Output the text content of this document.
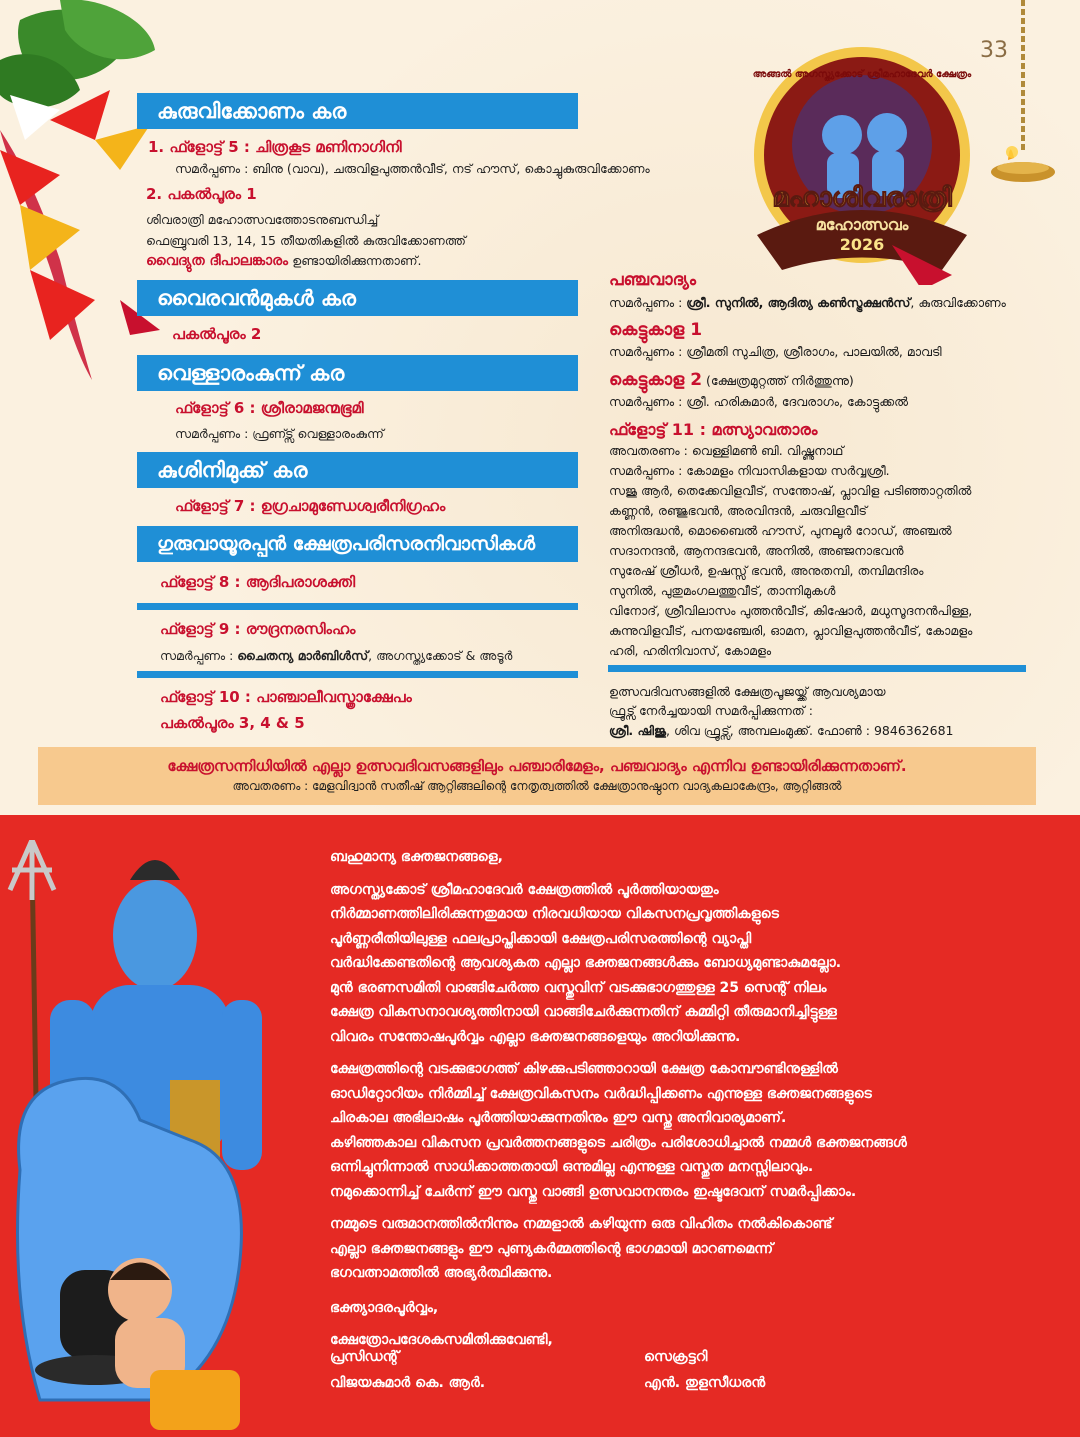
33
അങ്ങൽ അഗസ്ത്യക്കോട് ശ്രീമഹാദേവർ ക്ഷേത്രം
മഹാശിവരാത്രി
മഹോത്സവം
2026
കുരുവിക്കോണം കര
1. ഫ്ളോട്ട് 5 : ചിത്രകൂട മണിനാഗിനി
സമർപ്പണം : ബിനു (വാവ), ചരുവിളപുത്തൻവീട്, നട് ഹൗസ്, കൊച്ചുകുരുവിക്കോണം
2. പകൽപൂരം 1
ശിവരാത്രി മഹോത്സവത്തോടനുബന്ധിച്ച്
ഫെബ്രുവരി 13, 14, 15 തീയതികളിൽ കുരുവിക്കോണത്ത്
വൈദ്യുത ദീപാലങ്കാരം ഉണ്ടായിരിക്കുന്നതാണ്.
വൈരവൻമുകൾ കര
പകൽപൂരം 2
വെള്ളാരംകുന്ന് കര
ഫ്ളോട്ട് 6 : ശ്രീരാമജന്മഭൂമി
സമർപ്പണം : ഫ്രണ്ട്സ് വെള്ളാരംകുന്ന്
കുശിനിമുക്ക് കര
ഫ്ളോട്ട് 7 : ഉഗ്രചാമുണ്ഡേശ്വരീനിഗ്രഹം
ഗുരുവായൂരപ്പൻ ക്ഷേത്രപരിസരനിവാസികൾ
ഫ്ളോട്ട് 8 : ആദിപരാശക്തി
ഫ്ളോട്ട് 9 : രൗദ്രനരസിംഹം
സമർപ്പണം : ചൈതന്യ മാർബിൾസ്, അഗസ്ത്യക്കോട് & അടൂർ
ഫ്ളോട്ട് 10 : പാഞ്ചാലീവസ്ത്രാക്ഷേപം
പകൽപൂരം 3, 4 & 5
പഞ്ചവാദ്യം
സമർപ്പണം : ശ്രീ. സുനിൽ, ആദിത്യ കൺസ്ട്രക്ഷൻസ്, കുരുവിക്കോണം
കെട്ടുകാള 1
സമർപ്പണം : ശ്രീമതി സുചിത്ര, ശ്രീരാഗം, പാലയിൽ, മാവടി
കെട്ടുകാള 2 (ക്ഷേത്രമുറ്റത്ത് നിർത്തുന്നു)
സമർപ്പണം : ശ്രീ. ഹരികുമാർ, ദേവരാഗം, കോട്ടുക്കൽ
ഫ്ളോട്ട് 11 : മത്സ്യാവതാരം
അവതരണം : വെള്ളിമൺ ബി. വിഷ്ണുനാഥ്
സമർപ്പണം : കോമളം നിവാസികളായ സർവ്വശ്രീ.
സജു ആർ, തെക്കേവിളവീട്, സന്തോഷ്, പ്ലാവിള പടിഞ്ഞാറ്റതിൽ
കണ്ണൻ, രഞ്ജുഭവൻ, അരവിന്ദൻ, ചരുവിളവീട്
അനിരുദ്ധൻ, മൊബൈൽ ഹൗസ്, പുനലൂർ റോഡ്, അഞ്ചൽ
സദാനന്ദൻ, ആനന്ദഭവൻ, അനിൽ, അഞ്ജനാഭവൻ
സുരേഷ് ശ്രീധർ, ഉഷസ്സ് ഭവൻ, അനുതമ്പി, തമ്പിമന്ദിരം
സുനിൽ, പുതുമംഗലത്തുവീട്, താന്നിമുകൾ
വിനോദ്, ശ്രീവിലാസം പുത്തൻവീട്, കിഷോർ, മധുസൂദനൻപിള്ള,
കുന്നുവിളവീട്, പനയഞ്ചേരി, ഓമന, പ്ലാവിളപുത്തൻവീട്, കോമളം
ഹരി, ഹരിനിവാസ്, കോമളം
ഉത്സവദിവസങ്ങളിൽ ക്ഷേത്രപൂജയ്ക്ക് ആവശ്യമായ
ഫ്രൂട്സ് നേർച്ചയായി സമർപ്പിക്കുന്നത് :
ശ്രീ. ഷിജു, ശിവ ഫ്രൂട്സ്, അമ്പലംമുക്ക്. ഫോൺ : 9846362681
ക്ഷേത്രസന്നിധിയിൽ എല്ലാ ഉത്സവദിവസങ്ങളിലും പഞ്ചാരിമേളം, പഞ്ചവാദ്യം എന്നിവ ഉണ്ടായിരിക്കുന്നതാണ്.
അവതരണം : മേളവിദ്വാൻ സതീഷ് ആറ്റിങ്ങലിന്റെ നേതൃത്വത്തിൽ ക്ഷേത്രാനുഷ്ഠാന വാദ്യകലാകേന്ദ്രം, ആറ്റിങ്ങൽ
ബഹുമാന്യ ഭക്തജനങ്ങളെ,
അഗസ്ത്യക്കോട് ശ്രീമഹാദേവർ ക്ഷേത്രത്തിൽ പൂർത്തിയായതും
നിർമ്മാണത്തിലിരിക്കുന്നതുമായ നിരവധിയായ വികസനപ്രവൃത്തികളുടെ
പൂർണ്ണരീതിയിലുള്ള ഫലപ്രാപ്തിക്കായി ക്ഷേത്രപരിസരത്തിന്റെ വ്യാപ്തി
വർദ്ധിക്കേണ്ടതിന്റെ ആവശ്യകത എല്ലാ ഭക്തജനങ്ങൾക്കും ബോധ്യമുണ്ടാകുമല്ലോ.
മുൻ ഭരണസമിതി വാങ്ങിചേർത്ത വസ്തുവിന് വടക്കുഭാഗത്തുള്ള 25 സെന്റ് നിലം
ക്ഷേത്ര വികസനാവശ്യത്തിനായി വാങ്ങിചേർക്കുന്നതിന് കമ്മിറ്റി തീരുമാനിച്ചിട്ടുള്ള
വിവരം സന്തോഷപൂർവ്വം എല്ലാ ഭക്തജനങ്ങളെയും അറിയിക്കുന്നു.
ക്ഷേത്രത്തിന്റെ വടക്കുഭാഗത്ത് കിഴക്കുപടിഞ്ഞാറായി ക്ഷേത്ര കോമ്പൗണ്ടിനുള്ളിൽ
ഓഡിറ്റോറിയം നിർമ്മിച്ച് ക്ഷേത്രവികസനം വർദ്ധിപ്പിക്കണം എന്നുള്ള ഭക്തജനങ്ങളുടെ
ചിരകാല അഭിലാഷം പൂർത്തിയാക്കുന്നതിനും ഈ വസ്തു അനിവാര്യമാണ്.
കഴിഞ്ഞകാല വികസന പ്രവർത്തനങ്ങളുടെ ചരിത്രം പരിശോധിച്ചാൽ നമ്മൾ ഭക്തജനങ്ങൾ
ഒന്നിച്ചുനിന്നാൽ സാധിക്കാത്തതായി ഒന്നുമില്ല എന്നുള്ള വസ്തുത മനസ്സിലാവും.
നമുക്കൊന്നിച്ച് ചേർന്ന് ഈ വസ്തു വാങ്ങി ഉത്സവാനന്തരം ഇഷ്ടദേവന് സമർപ്പിക്കാം.
നമ്മുടെ വരുമാനത്തിൽനിന്നും നമ്മളാൽ കഴിയുന്ന ഒരു വിഹിതം നൽകികൊണ്ട്
എല്ലാ ഭക്തജനങ്ങളും ഈ പുണ്യകർമ്മത്തിന്റെ ഭാഗമായി മാറണമെന്ന്
ഭഗവത്നാമത്തിൽ അഭ്യർത്ഥിക്കുന്നു.
ഭക്ത്യാദരപൂർവ്വം,
ക്ഷേത്രോപദേശകസമിതിക്കുവേണ്ടി,
പ്രസിഡന്റ്
വിജയകുമാർ കെ. ആർ.
സെക്രട്ടറി
എൻ. തുളസീധരൻ
